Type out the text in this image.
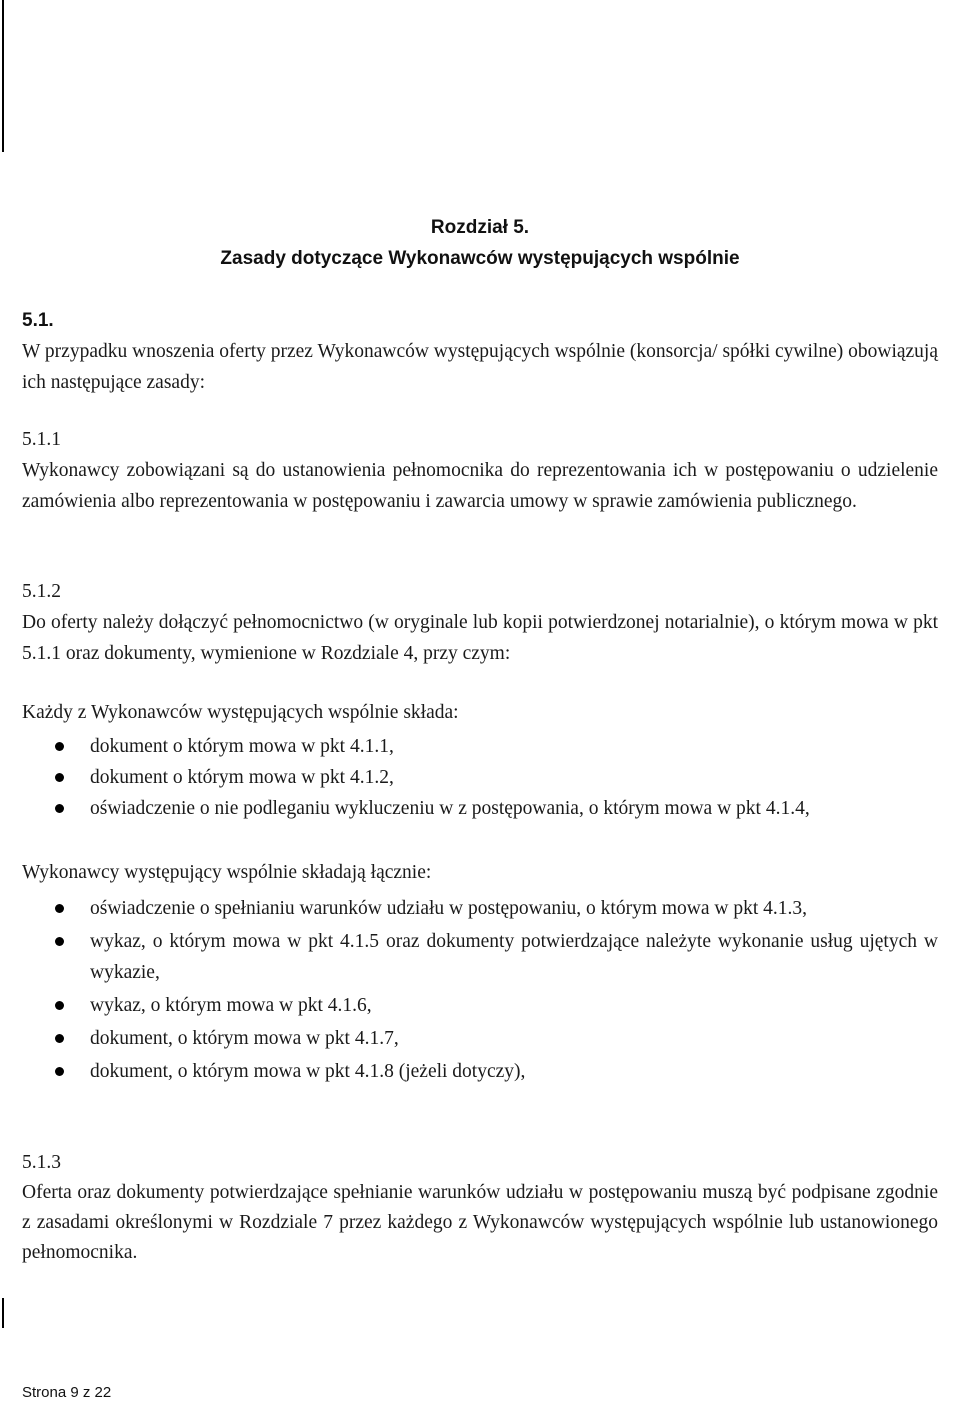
Rozdział 5.
Zasady dotyczące Wykonawców występujących wspólnie
5.1.

W przypadku wnoszenia oferty przez Wykonawców występujących wspólnie (konsorcja/ spółki cywilne) obowiązują ich następujące zasady:

5.1.1

Wykonawcy zobowiązani są do ustanowienia pełnomocnika do reprezentowania ich w postępowaniu o udzielenie zamówienia albo reprezentowania w postępowaniu i zawarcia umowy w sprawie zamówienia publicznego.

5.1.2

Do oferty należy dołączyć pełnomocnictwo (w oryginale lub kopii potwierdzonej notarialnie), o którym mowa w pkt 5.1.1 oraz dokumenty, wymienione w Rozdziale 4, przy czym:

Każdy z Wykonawców występujących wspólnie składa:
dokument o którym mowa w pkt 4.1.1,
dokument o którym mowa w pkt 4.1.2,
oświadczenie o nie podleganiu wykluczeniu w z postępowania, o którym mowa w pkt 4.1.4,
Wykonawcy występujący wspólnie składają łącznie:
oświadczenie o spełnianiu warunków udziału w postępowaniu, o którym mowa w pkt 4.1.3,
wykaz, o którym mowa w pkt 4.1.5 oraz dokumenty potwierdzające należyte wykonanie usług ujętych w wykazie,
wykaz, o którym mowa w pkt 4.1.6,
dokument, o którym mowa w pkt 4.1.7,
dokument, o którym mowa w pkt 4.1.8 (jeżeli dotyczy),
5.1.3

Oferta oraz dokumenty potwierdzające spełnianie warunków udziału w postępowaniu muszą być podpisane zgodnie z zasadami określonymi w Rozdziale 7 przez każdego z Wykonawców występujących wspólnie lub ustanowionego pełnomocnika.

Strona 9 z 22
